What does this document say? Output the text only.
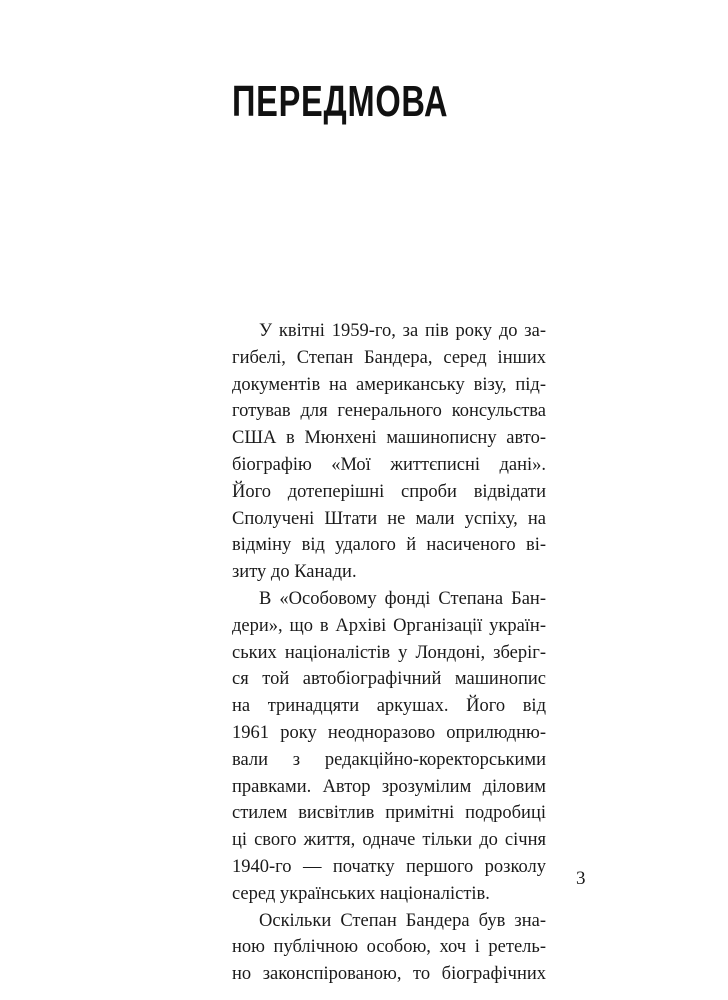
ПЕРЕДМОВА
У квітні 1959-го, за пів року до за-
гибелі, Степан Бандера, серед інших
документів на американську візу, під-
готував для генерального консульства
США в Мюнхені машинописну авто-
біографію «Мої життєписні дані».
Його дотеперішні спроби відвідати
Сполучені Штати не мали успіху, на
відміну від удалого й насиченого ві-
зиту до Канади.
В «Особовому фонді Степана Бан-
дери», що в Архіві Організації україн-
ських націоналістів у Лондоні, зберіг-
ся той автобіографічний машинопис
на тринадцяти аркушах. Його від
1961 року неодноразово оприлюдню-
вали з редакційно-коректорськими
правками. Автор зрозумілим діловим
стилем висвітлив примітні подробиці
ці свого життя, одначе тільки до січня
1940-го — початку першого розколу
серед українських націоналістів.
Оскільки Степан Бандера був зна-
ною публічною особою, хоч і ретель-
но законспірованою, то біографічних
3
